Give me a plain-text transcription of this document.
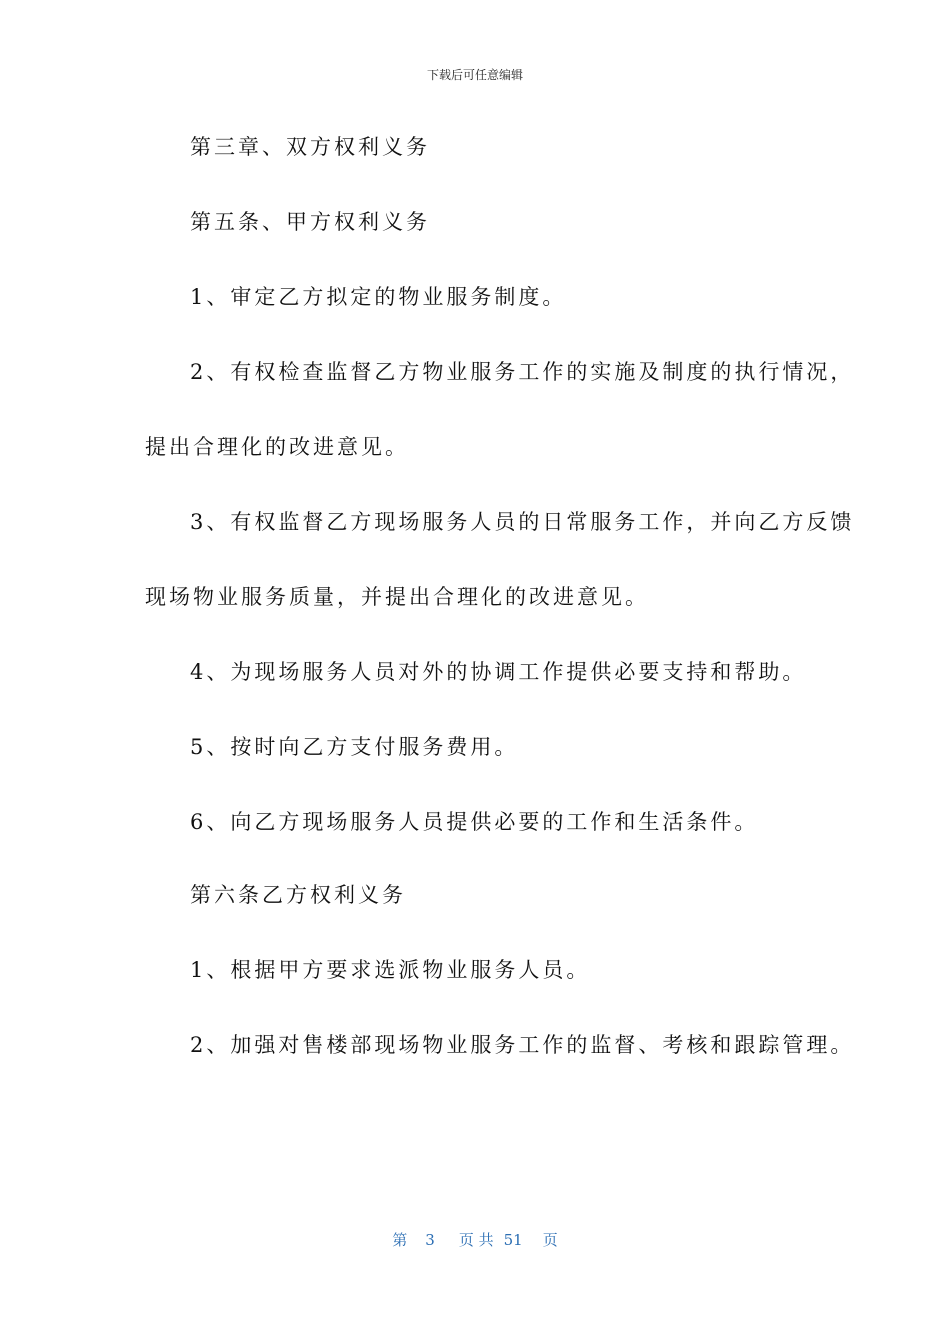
下载后可任意编辑
第三章、双方权利义务
第五条、甲方权利义务
1、审定乙方拟定的物业服务制度。
2、有权检查监督乙方物业服务工作的实施及制度的执行情况，
提出合理化的改进意见。
3、有权监督乙方现场服务人员的日常服务工作，并向乙方反馈
现场物业服务质量，并提出合理化的改进意见。
4、为现场服务人员对外的协调工作提供必要支持和帮助。
5、按时向乙方支付服务费用。
6、向乙方现场服务人员提供必要的工作和生活条件。
第六条乙方权利义务
1、根据甲方要求选派物业服务人员。
2、加强对售楼部现场物业服务工作的监督、考核和跟踪管理。
第 3 页 共 51 页
